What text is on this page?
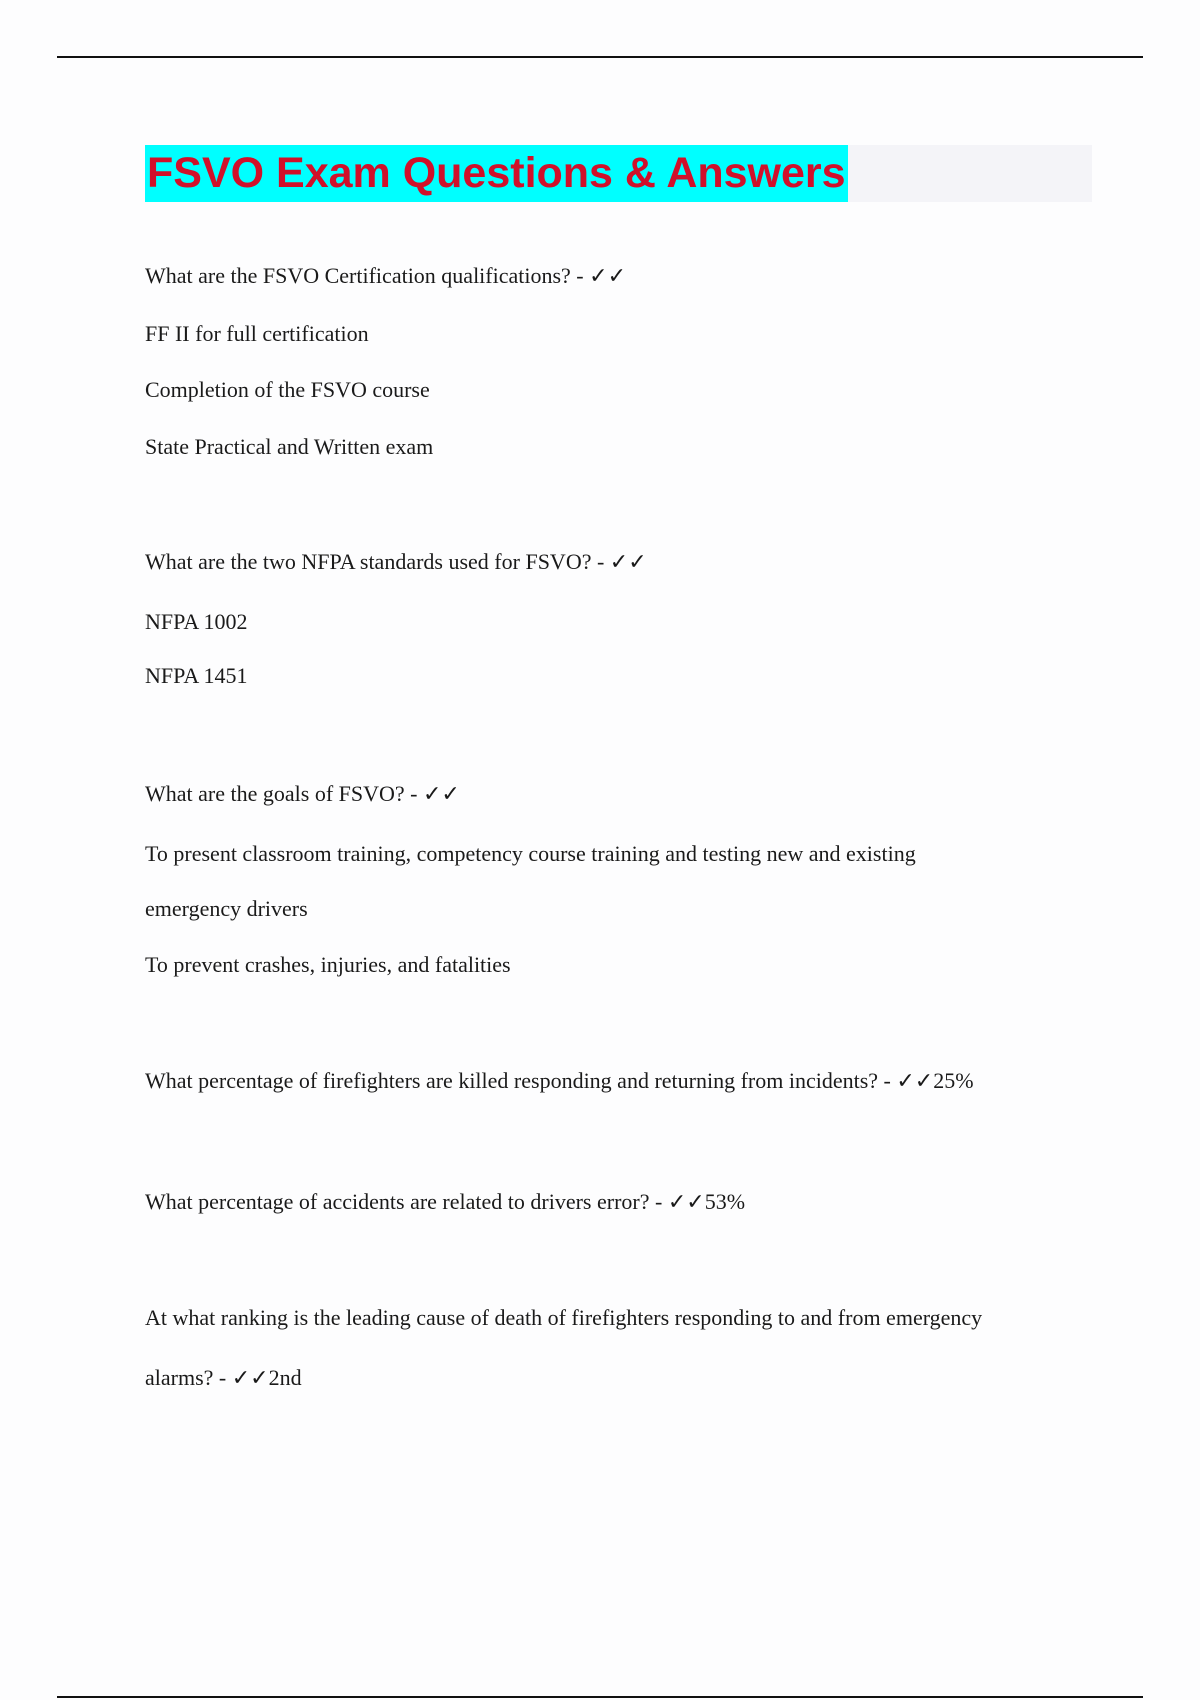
FSVO Exam Questions & Answers
What are the FSVO Certification qualifications? - ✓✓
FF II for full certification
Completion of the FSVO course
State Practical and Written exam
What are the two NFPA standards used for FSVO? - ✓✓
NFPA 1002
NFPA 1451
What are the goals of FSVO? - ✓✓
To present classroom training, competency course training and testing new and existing
emergency drivers
To prevent crashes, injuries, and fatalities
What percentage of firefighters are killed responding and returning from incidents? - ✓✓25%
What percentage of accidents are related to drivers error? - ✓✓53%
At what ranking is the leading cause of death of firefighters responding to and from emergency
alarms? - ✓✓2nd
